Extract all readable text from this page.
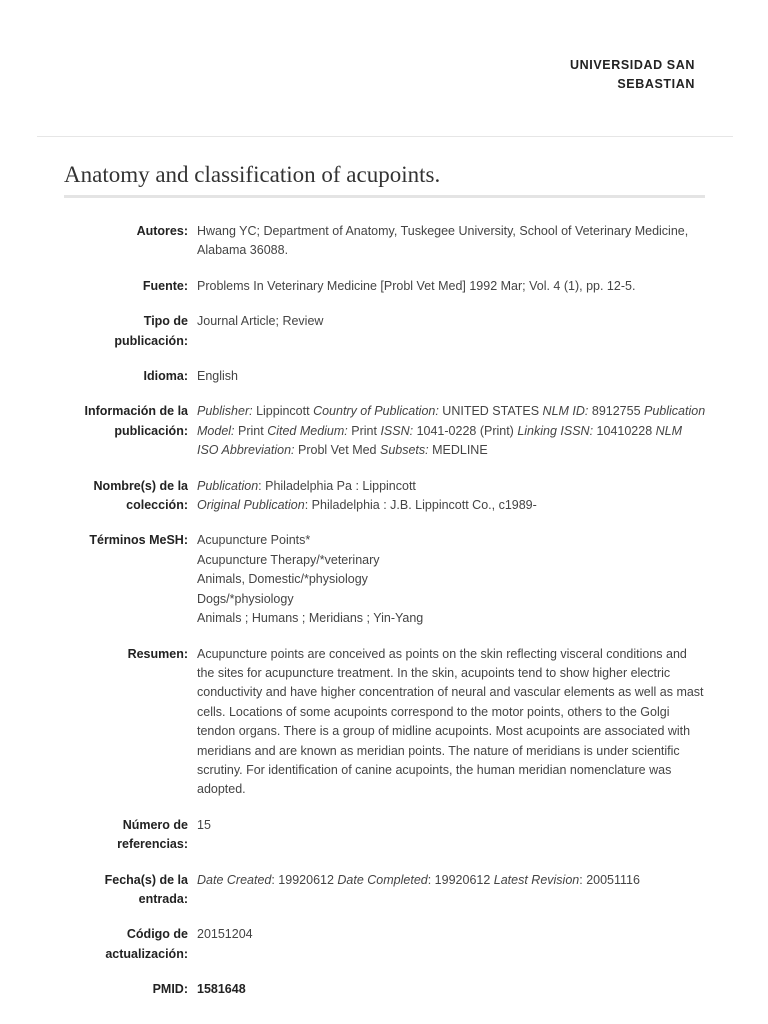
UNIVERSIDAD SAN
SEBASTIAN
Anatomy and classification of acupoints.
Autores: Hwang YC; Department of Anatomy, Tuskegee University, School of Veterinary Medicine, Alabama 36088.
Fuente: Problems In Veterinary Medicine [Probl Vet Med] 1992 Mar; Vol. 4 (1), pp. 12-5.
Tipo de
publicación:
Journal Article; Review
Idioma: English
Información de la
publicación:
Publisher: Lippincott Country of Publication: UNITED STATES NLM ID: 8912755 Publication Model: Print Cited Medium: Print ISSN: 1041-0228 (Print) Linking ISSN: 10410228 NLM ISO Abbreviation: Probl Vet Med Subsets: MEDLINE
Nombre(s) de la
colección:
Publication: Philadelphia Pa : Lippincott
Original Publication: Philadelphia : J.B. Lippincott Co., c1989-
Términos MeSH: Acupuncture Points*
Acupuncture Therapy/*veterinary
Animals, Domestic/*physiology
Dogs/*physiology
Animals ; Humans ; Meridians ; Yin-Yang
Resumen: Acupuncture points are conceived as points on the skin reflecting visceral conditions and the sites for acupuncture treatment. In the skin, acupoints tend to show higher electric conductivity and have higher concentration of neural and vascular elements as well as mast cells. Locations of some acupoints correspond to the motor points, others to the Golgi tendon organs. There is a group of midline acupoints. Most acupoints are associated with meridians and are known as meridian points. The nature of meridians is under scientific scrutiny. For identification of canine acupoints, the human meridian nomenclature was adopted.
Número de
referencias:
15
Fecha(s) de la
entrada:
Date Created: 19920612 Date Completed: 19920612 Latest Revision: 20051116
Código de
actualización:
20151204
PMID: 1581648
